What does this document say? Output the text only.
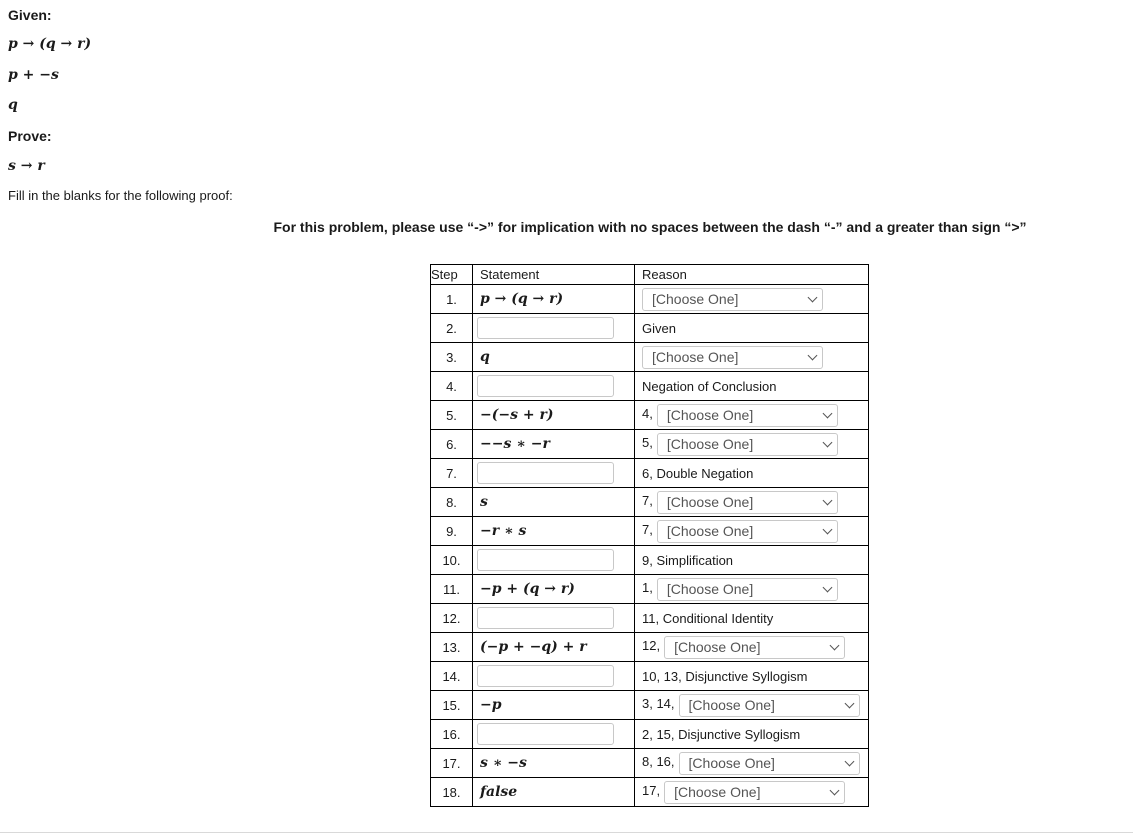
Given:
p → (q → r)
p + −s
q
Prove:
s → r
Fill in the blanks for the following proof:
For this problem, please use “->” for implication with no spaces between the dash “-” and a greater than sign “>”
Step	Statement	Reason
1.	p → (q → r)	[Choose One]

2.		Given
3.	q	[Choose One]

4.		Negation of Conclusion
5.	−(−s + r)	4, [Choose One]

6.	−−s ∗ −r	5, [Choose One]

7.		6, Double Negation
8.	s	7, [Choose One]

9.	−r ∗ s	7, [Choose One]

10.		9, Simplification
11.	−p + (q → r)	1, [Choose One]

12.		11, Conditional Identity
13.	(−p + −q) + r	12, [Choose One]

14.		10, 13, Disjunctive Syllogism
15.	−p	3, 14, [Choose One]

16.		2, 15, Disjunctive Syllogism
17.	s ∗ −s	8, 16, [Choose One]

18.	false	17, [Choose One]
